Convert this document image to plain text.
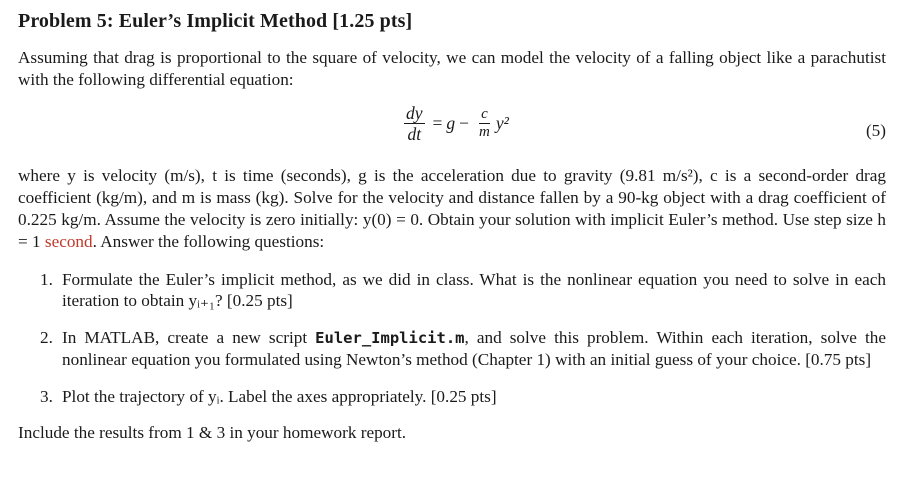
Problem 5: Euler’s Implicit Method [1.25 pts]

Assuming that drag is proportional to the square of velocity, we can model the velocity of a falling object like a parachutist with the following differential equation:

$\frac{dy}{dt} = g - \frac{c}{m} y^2$	(5)

where y is velocity (m/s), t is time (seconds), g is the acceleration due to gravity (9.81 m/s²), c is a second-order drag coefficient (kg/m), and m is mass (kg). Solve for the velocity and distance fallen by a 90-kg object with a drag coefficient of 0.225 kg/m. Assume the velocity is zero initially: y(0) = 0. Obtain your solution with implicit Euler’s method. Use step size h = 1 second. Answer the following questions:

1. Formulate the Euler’s implicit method, as we did in class. What is the nonlinear equation you need to solve in each iteration to obtain yᵢ₊₁? [0.25 pts]
2. In MATLAB, create a new script Euler_Implicit.m, and solve this problem. Within each iteration, solve the nonlinear equation you formulated using Newton’s method (Chapter 1) with an initial guess of your choice. [0.75 pts]
3. Plot the trajectory of yᵢ. Label the axes appropriately. [0.25 pts]
Include the results from 1 & 3 in your homework report.
